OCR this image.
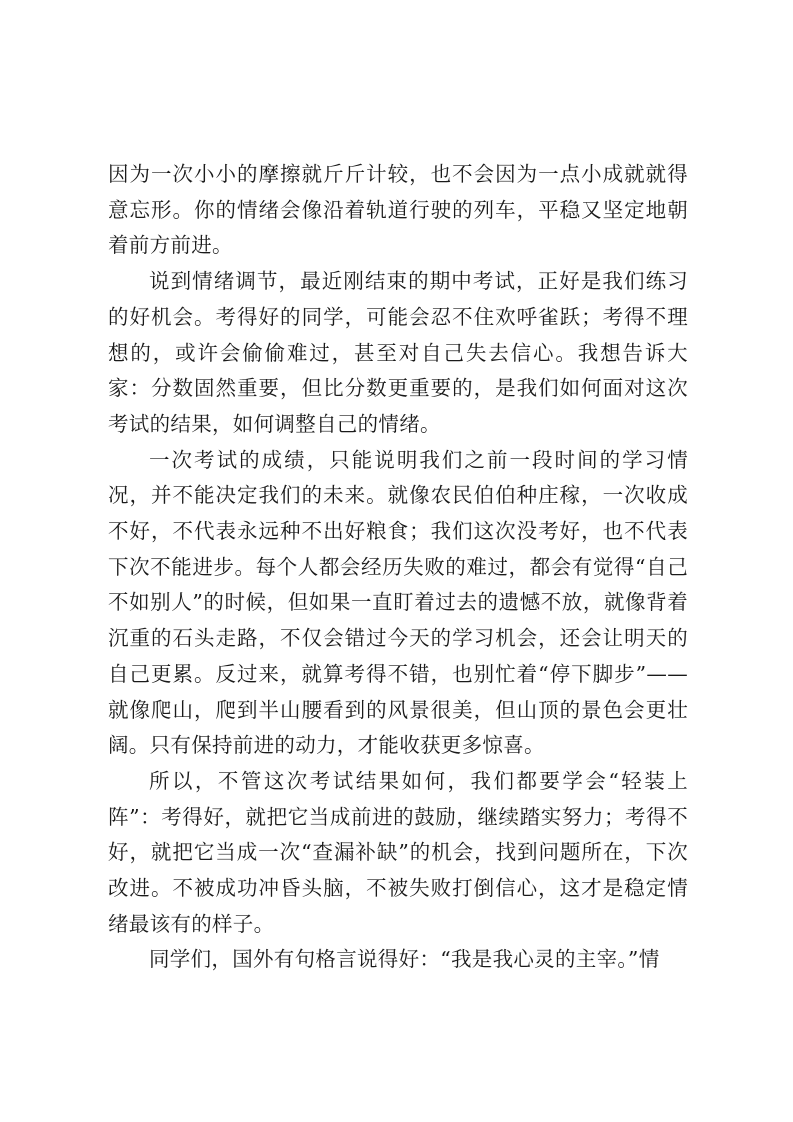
因为一次小小的摩擦就斤斤计较，也不会因为一点小成就就得意忘形。你的情绪会像沿着轨道行驶的列车，平稳又坚定地朝着前方前进。

说到情绪调节，最近刚结束的期中考试，正好是我们练习的好机会。考得好的同学，可能会忍不住欢呼雀跃；考得不理想的，或许会偷偷难过，甚至对自己失去信心。我想告诉大家：分数固然重要，但比分数更重要的，是我们如何面对这次考试的结果，如何调整自己的情绪。

一次考试的成绩，只能说明我们之前一段时间的学习情况，并不能决定我们的未来。就像农民伯伯种庄稼，一次收成不好，不代表永远种不出好粮食；我们这次没考好，也不代表下次不能进步。每个人都会经历失败的难过，都会有觉得“自己不如别人”的时候，但如果一直盯着过去的遗憾不放，就像背着沉重的石头走路，不仅会错过今天的学习机会，还会让明天的自己更累。反过来，就算考得不错，也别忙着“停下脚步”——就像爬山，爬到半山腰看到的风景很美，但山顶的景色会更壮阔。只有保持前进的动力，才能收获更多惊喜。

所以，不管这次考试结果如何，我们都要学会“轻装上阵”：考得好，就把它当成前进的鼓励，继续踏实努力；考得不好，就把它当成一次“查漏补缺”的机会，找到问题所在，下次改进。不被成功冲昏头脑，不被失败打倒信心，这才是稳定情绪最该有的样子。

同学们，国外有句格言说得好：“我是我心灵的主宰。”情
